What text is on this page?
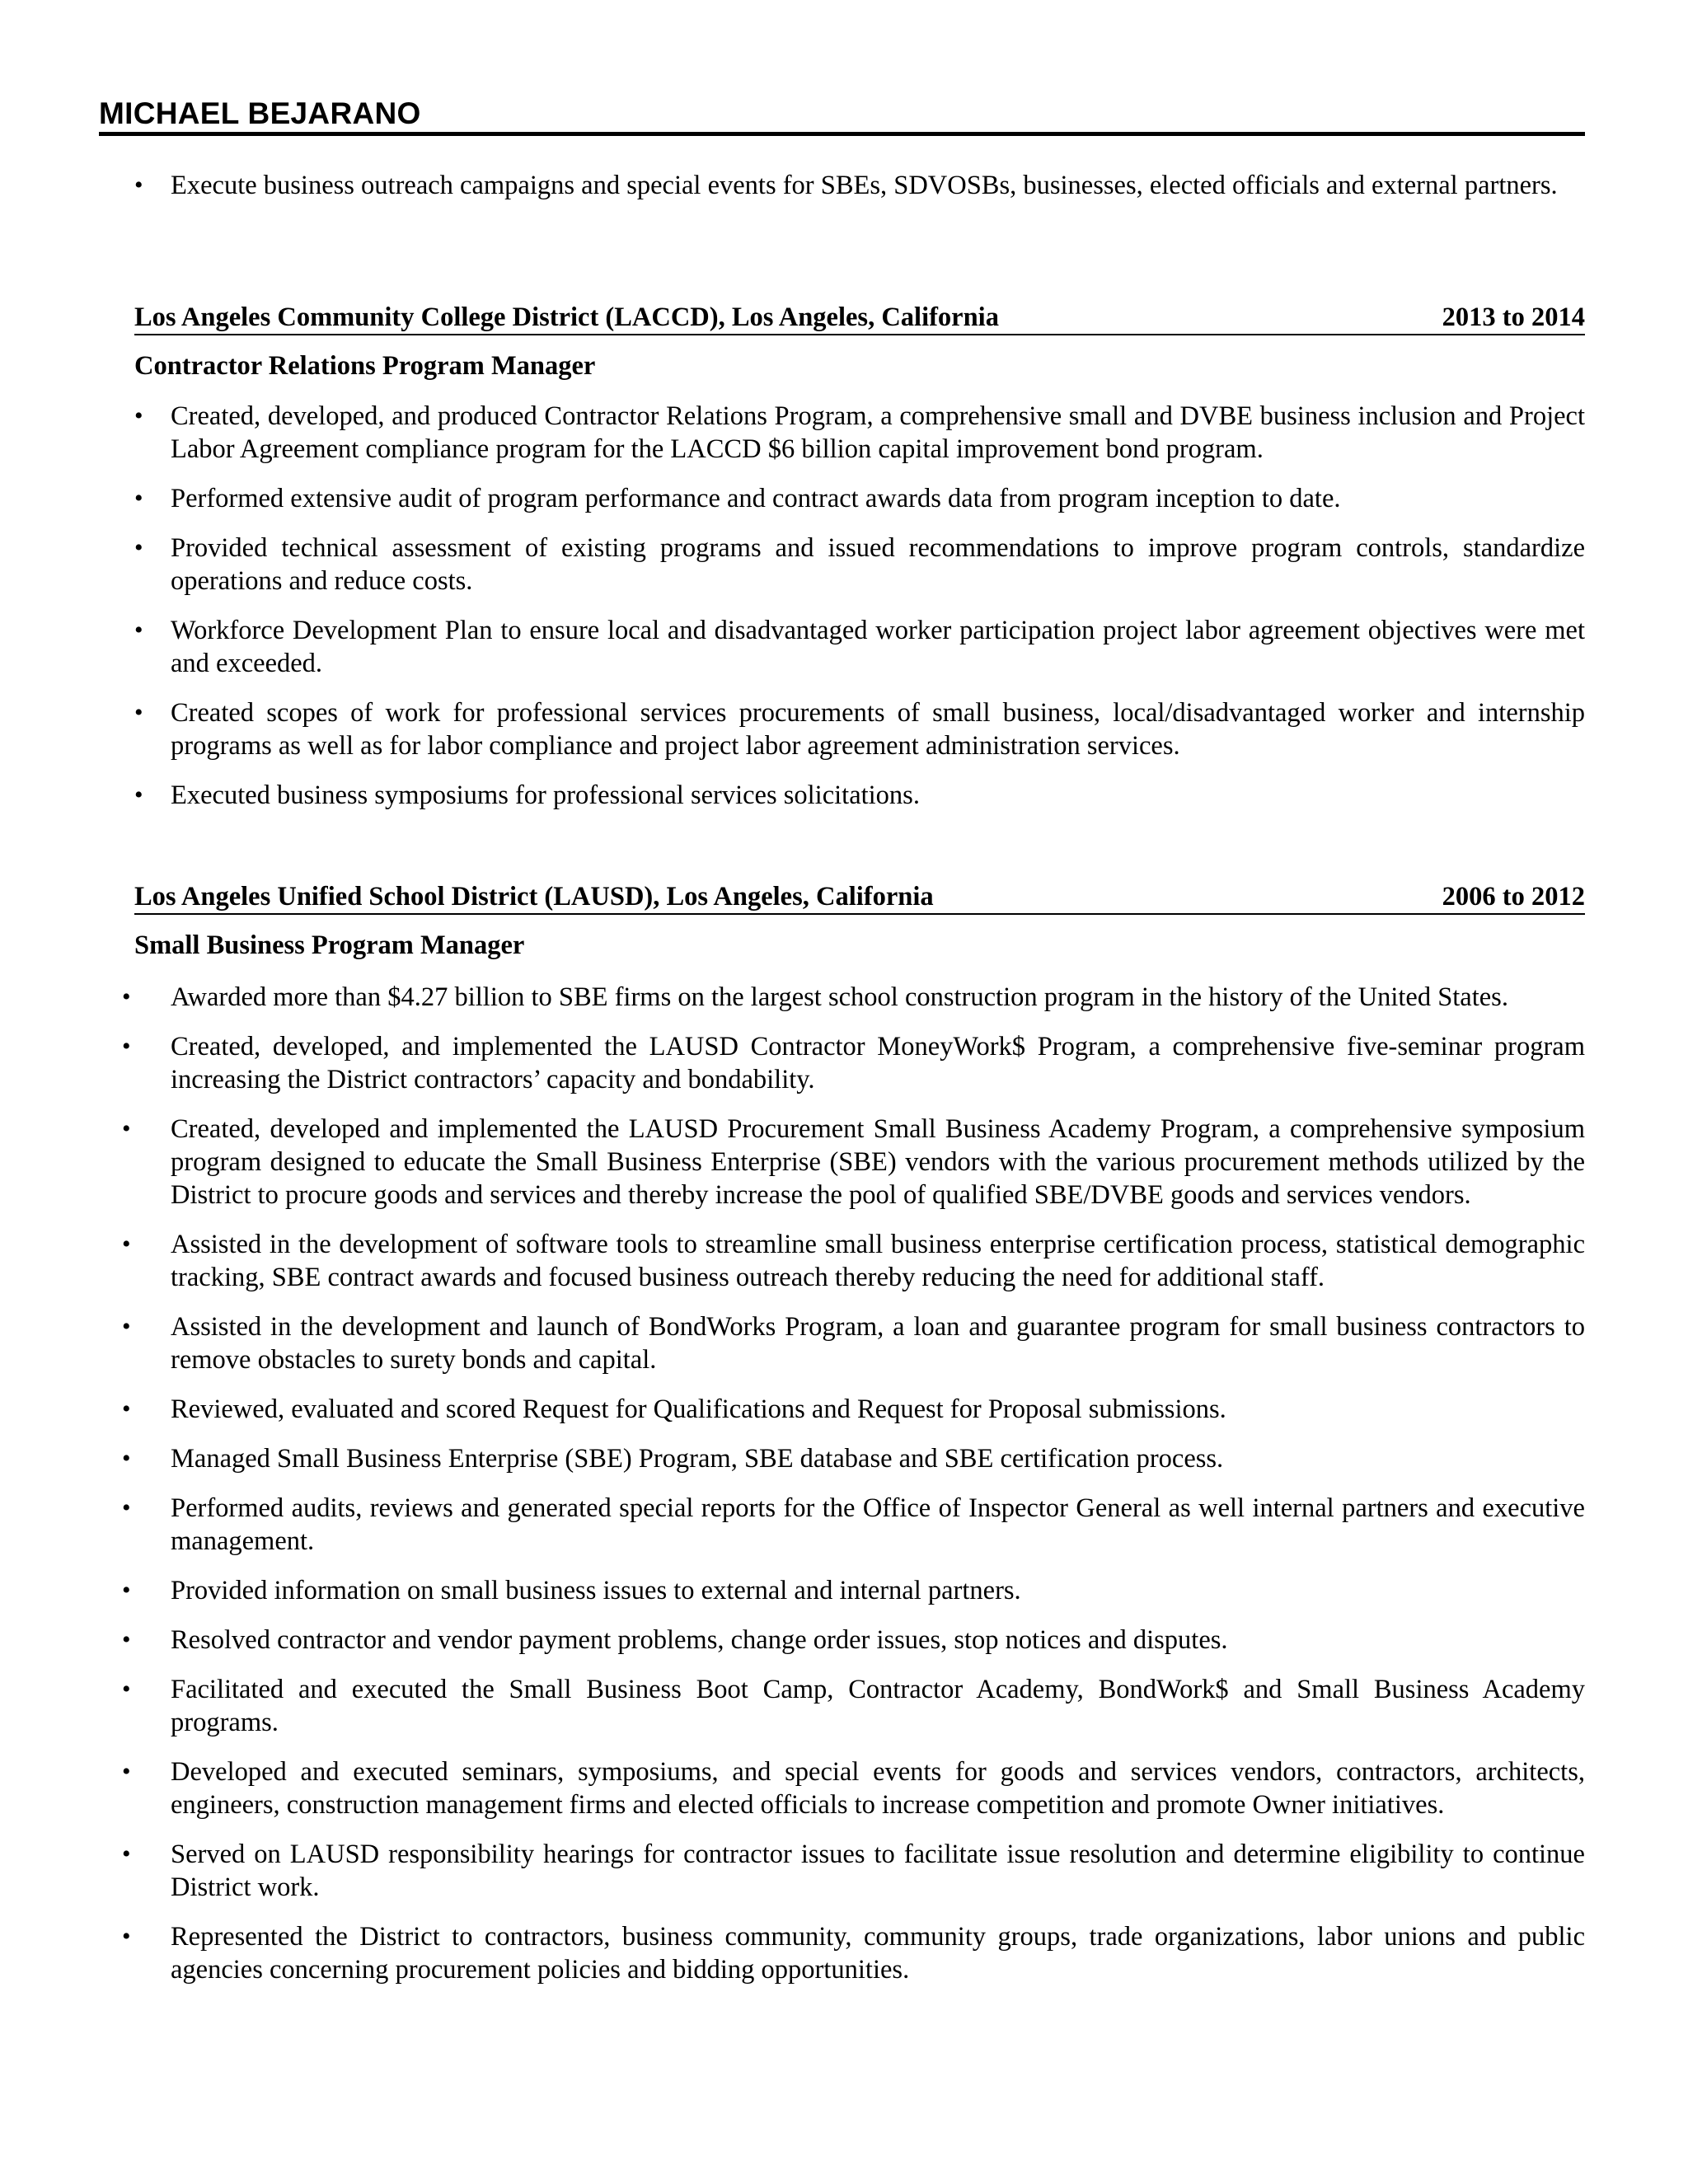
MICHAEL BEJARANO
• Execute business outreach campaigns and special events for SBEs, SDVOSBs, businesses, elected officials and external partners.
Los Angeles Community College District (LACCD), Los Angeles, California	2013 to 2014
Contractor Relations Program Manager
• Created, developed, and produced Contractor Relations Program, a comprehensive small and DVBE business inclusion and Project Labor Agreement compliance program for the LACCD $6 billion capital improvement bond program.
• Performed extensive audit of program performance and contract awards data from program inception to date.
• Provided technical assessment of existing programs and issued recommendations to improve program controls, standardize operations and reduce costs.
• Workforce Development Plan to ensure local and disadvantaged worker participation project labor agreement objectives were met and exceeded.
• Created scopes of work for professional services procurements of small business, local/disadvantaged worker and internship programs as well as for labor compliance and project labor agreement administration services.
• Executed business symposiums for professional services solicitations.
Los Angeles Unified School District (LAUSD), Los Angeles, California	2006 to 2012
Small Business Program Manager
• Awarded more than $4.27 billion to SBE firms on the largest school construction program in the history of the United States.
• Created, developed, and implemented the LAUSD Contractor MoneyWork$ Program, a comprehensive five-seminar program increasing the District contractors’ capacity and bondability.
• Created, developed and implemented the LAUSD Procurement Small Business Academy Program, a comprehensive symposium program designed to educate the Small Business Enterprise (SBE) vendors with the various procurement methods utilized by the District to procure goods and services and thereby increase the pool of qualified SBE/DVBE goods and services vendors.
• Assisted in the development of software tools to streamline small business enterprise certification process, statistical demographic tracking, SBE contract awards and focused business outreach thereby reducing the need for additional staff.
• Assisted in the development and launch of BondWorks Program, a loan and guarantee program for small business contractors to remove obstacles to surety bonds and capital.
• Reviewed, evaluated and scored Request for Qualifications and Request for Proposal submissions.
• Managed Small Business Enterprise (SBE) Program, SBE database and SBE certification process.
• Performed audits, reviews and generated special reports for the Office of Inspector General as well internal partners and executive management.
• Provided information on small business issues to external and internal partners.
• Resolved contractor and vendor payment problems, change order issues, stop notices and disputes.
• Facilitated and executed the Small Business Boot Camp, Contractor Academy, BondWork$ and Small Business Academy programs.
• Developed and executed seminars, symposiums, and special events for goods and services vendors, contractors, architects, engineers, construction management firms and elected officials to increase competition and promote Owner initiatives.
• Served on LAUSD responsibility hearings for contractor issues to facilitate issue resolution and determine eligibility to continue District work.
• Represented the District to contractors, business community, community groups, trade organizations, labor unions and public agencies concerning procurement policies and bidding opportunities.
